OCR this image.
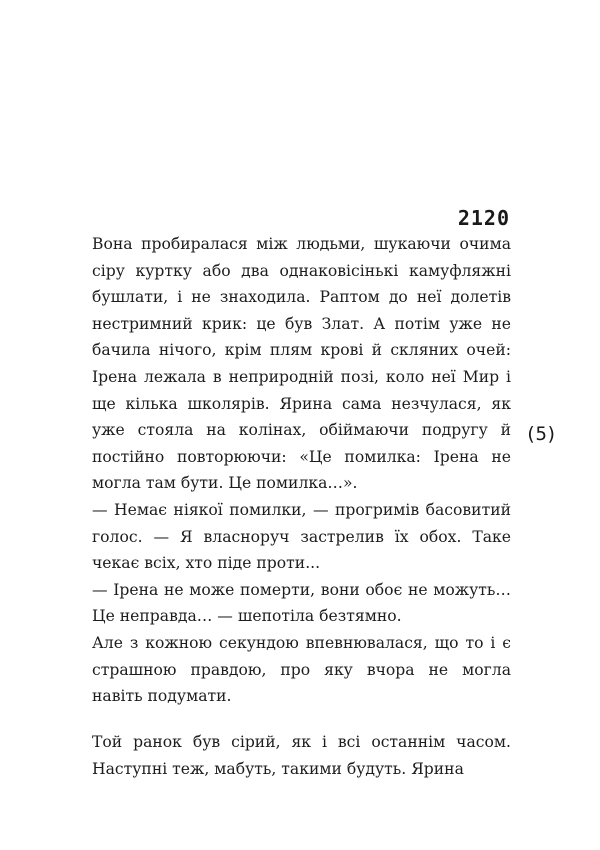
2120

Вона пробиралася між людьми, шукаючи очима сіру куртку або два однаковісінькі камуфляжні бушлати, і не знаходила. Раптом до неї долетів нестримний крик: це був Злат. А потім уже не бачила нічого, крім плям крові й скляних очей: Ірена лежала в неприродній позі, коло неї Мир і ще кілька школярів. Ярина сама незчулася, як уже стояла на колінах, обіймаючи подругу й постійно повторюючи: «Це помилка: Ірена не могла там бути. Це помилка…».

— Немає ніякої помилки, — прогримів басовитий голос. — Я власноруч застрелив їх обох. Таке чекає всіх, хто піде проти...

— Ірена не може померти, вони обоє не можуть… Це неправда… — шепотіла безтямно.

Але з кожною секундою впевнювалася, що то і є страшною правдою, про яку вчора не могла навіть подумати.

(5)

Той ранок був сірий, як і всі останнім часом. Наступні теж, мабуть, такими будуть. Ярина
